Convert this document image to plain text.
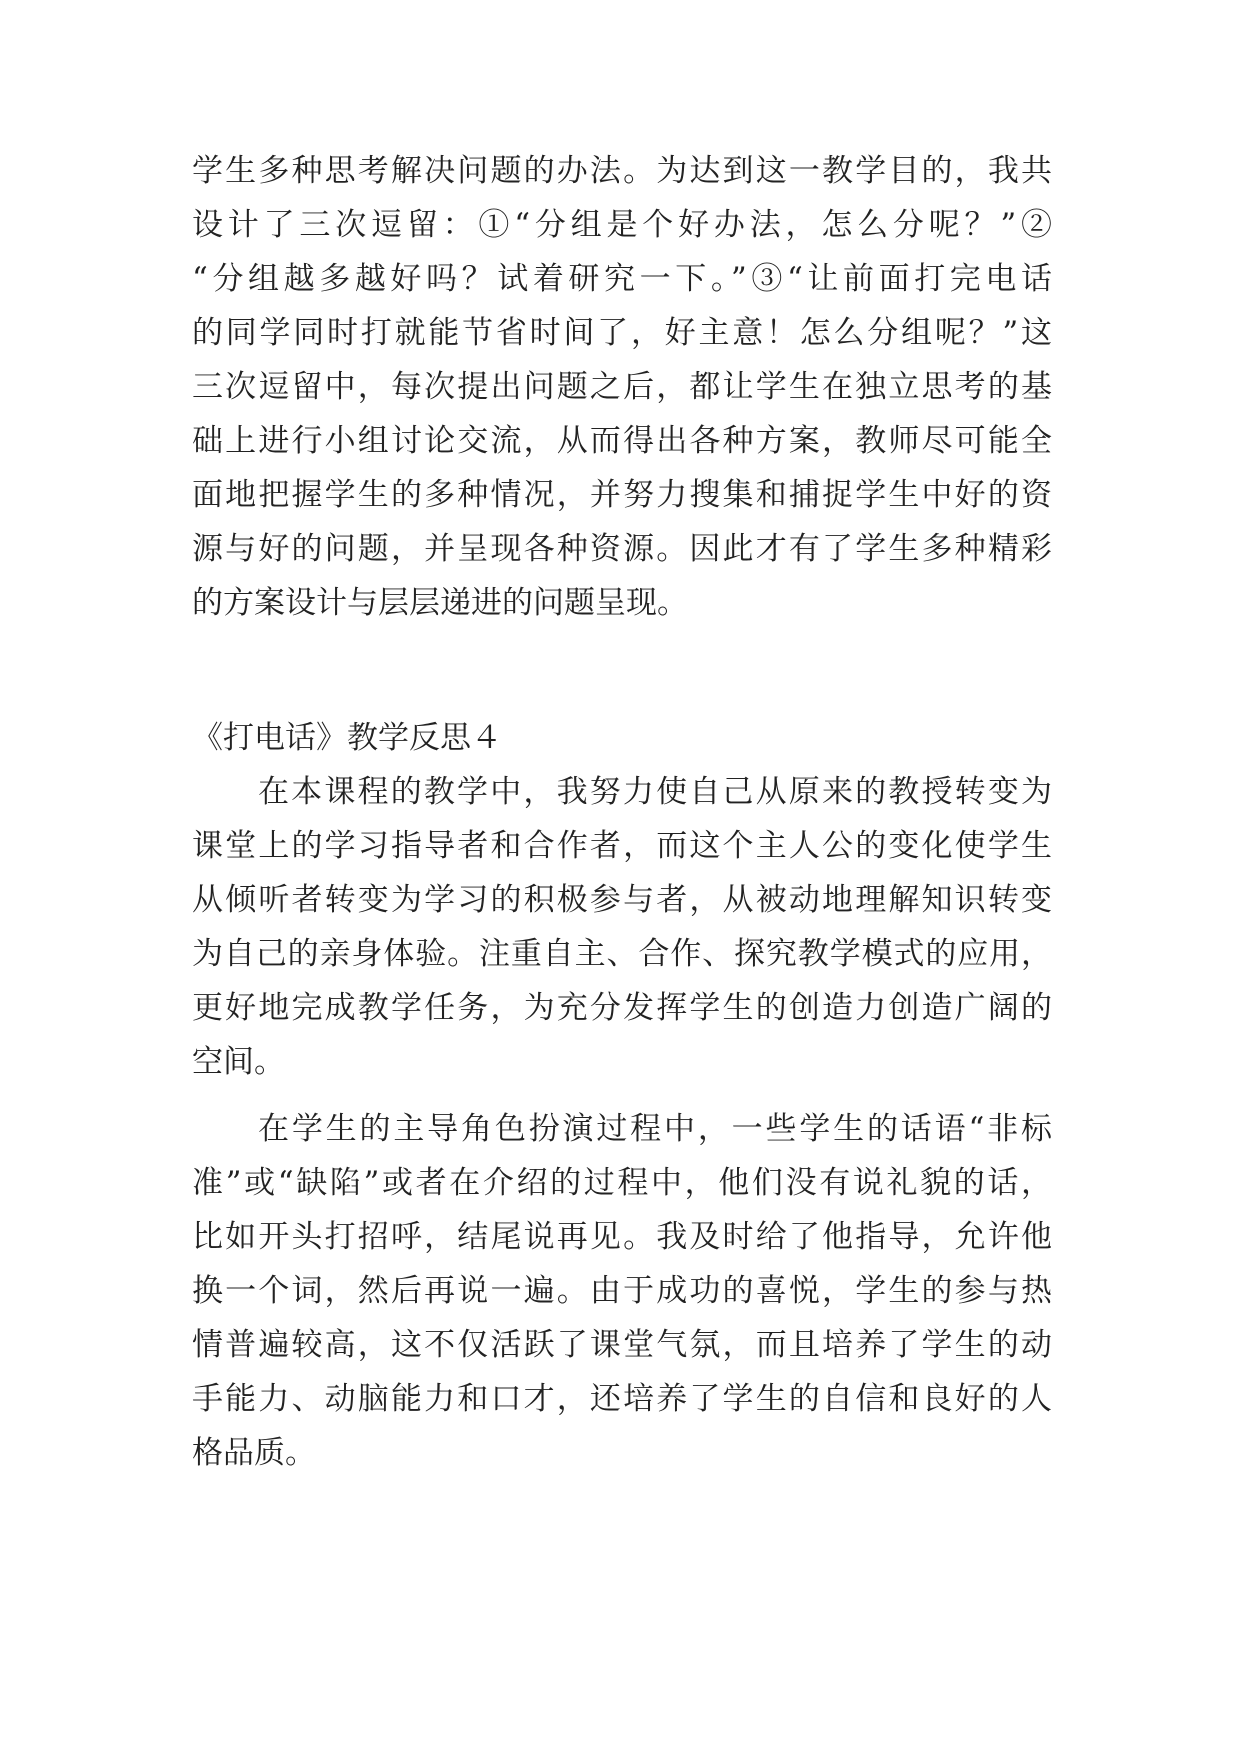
学生多种思考解决问题的办法。为达到这一教学目的，我共
设计了三次逗留：①“分组是个好办法，怎么分呢？”②
“分组越多越好吗？试着研究一下。”③“让前面打完电话
的同学同时打就能节省时间了，好主意！怎么分组呢？”这
三次逗留中，每次提出问题之后，都让学生在独立思考的基
础上进行小组讨论交流，从而得出各种方案，教师尽可能全
面地把握学生的多种情况，并努力搜集和捕捉学生中好的资
源与好的问题，并呈现各种资源。因此才有了学生多种精彩
的方案设计与层层递进的问题呈现。
《打电话》教学反思４
在本课程的教学中，我努力使自己从原来的教授转变为
课堂上的学习指导者和合作者，而这个主人公的变化使学生
从倾听者转变为学习的积极参与者，从被动地理解知识转变
为自己的亲身体验。注重自主、合作、探究教学模式的应用，
更好地完成教学任务，为充分发挥学生的创造力创造广阔的
空间。
在学生的主导角色扮演过程中，一些学生的话语“非标
准”或“缺陷”或者在介绍的过程中，他们没有说礼貌的话，
比如开头打招呼，结尾说再见。我及时给了他指导，允许他
换一个词，然后再说一遍。由于成功的喜悦，学生的参与热
情普遍较高，这不仅活跃了课堂气氛，而且培养了学生的动
手能力、动脑能力和口才，还培养了学生的自信和良好的人
格品质。
